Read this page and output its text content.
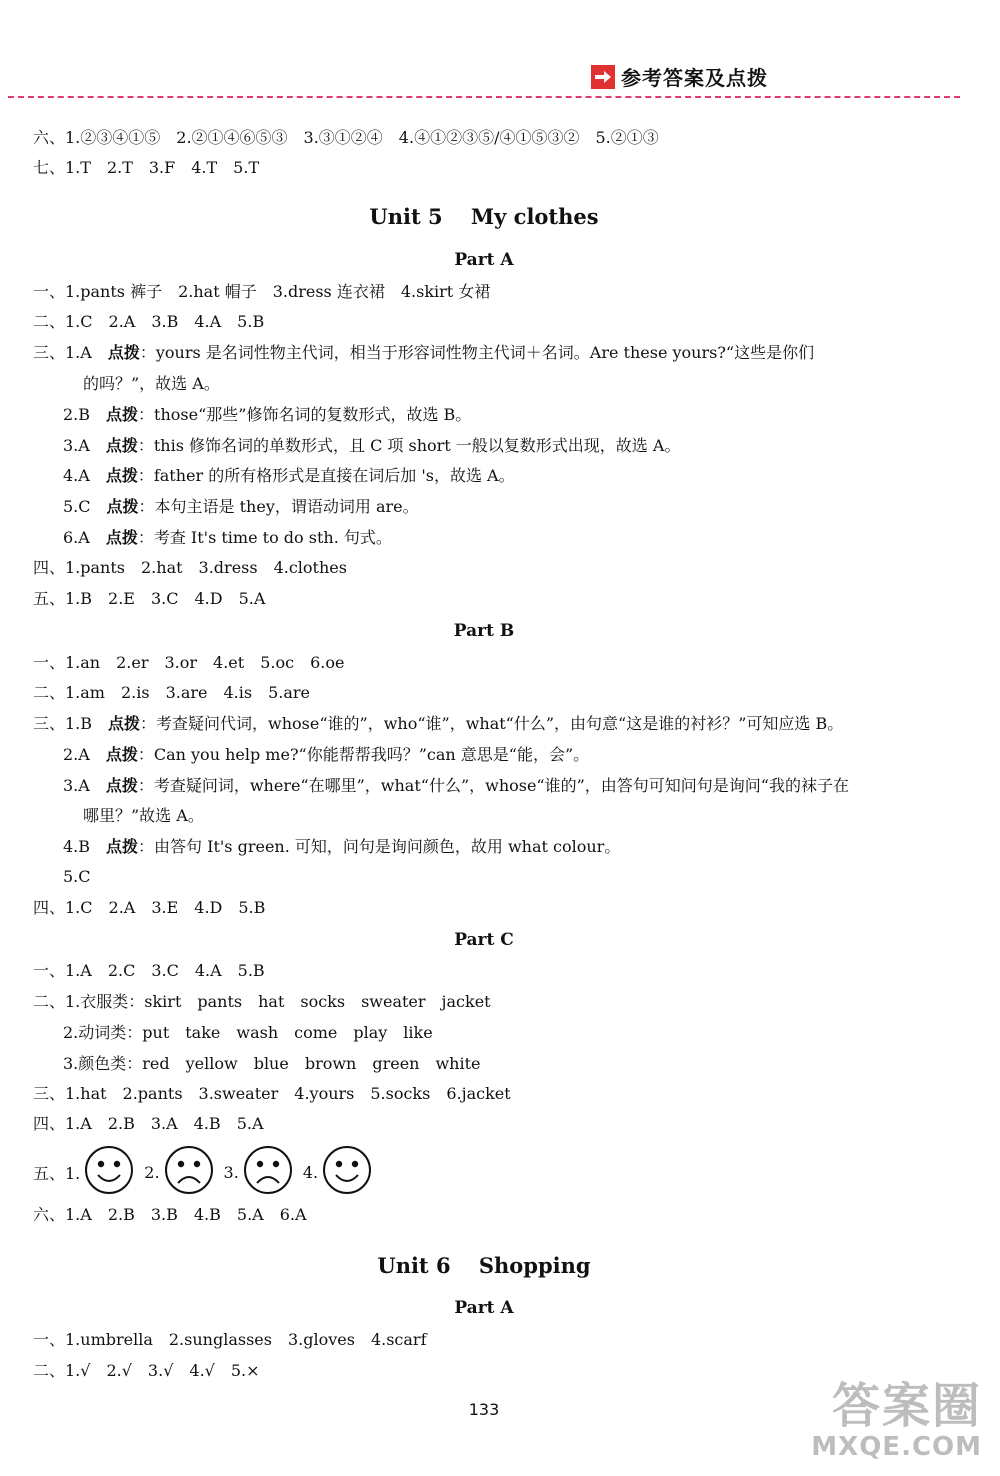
参考答案及点拨
六、1.②③④①⑤　2.②①④⑥⑤③　3.③①②④　4.④①②③⑤/④①⑤③②　5.②①③
七、1.T　2.T　3.F　4.T　5.T
Unit 5　 My clothes
Part A
一、1.pants 裤子　2.hat 帽子　3.dress 连衣裙　4.skirt 女裙
二、1.C　2.A　3.B　4.A　5.B
三、1.A　点拨：yours 是名词性物主代词，相当于形容词性物主代词＋名词。Are these yours?“这些是你们
的吗？”，故选 A。
2.B　点拨：those“那些”修饰名词的复数形式，故选 B。
3.A　点拨：this 修饰名词的单数形式，且 C 项 short 一般以复数形式出现，故选 A。
4.A　点拨：father 的所有格形式是直接在词后加 's，故选 A。
5.C　点拨：本句主语是 they，谓语动词用 are。
6.A　点拨：考查 It's time to do sth. 句式。
四、1.pants　2.hat　3.dress　4.clothes
五、1.B　2.E　3.C　4.D　5.A
Part B
一、1.an　2.er　3.or　4.et　5.oc　6.oe
二、1.am　2.is　3.are　4.is　5.are
三、1.B　点拨：考查疑问代词，whose“谁的”，who“谁”，what“什么”，由句意“这是谁的衬衫？”可知应选 B。
2.A　点拨：Can you help me?“你能帮帮我吗？”can 意思是“能，会”。
3.A　点拨：考查疑问词，where“在哪里”，what“什么”，whose“谁的”，由答句可知问句是询问“我的袜子在
哪里？”故选 A。
4.B　点拨：由答句 It's green. 可知，问句是询问颜色，故用 what colour。
5.C
四、1.C　2.A　3.E　4.D　5.B
Part C
一、1.A　2.C　3.C　4.A　5.B
二、1.衣服类：skirt　pants　hat　socks　sweater　jacket
2.动词类：put　take　wash　come　play　like
3.颜色类：red　yellow　blue　brown　green　white
三、1.hat　2.pants　3.sweater　4.yours　5.socks　6.jacket
四、1.A　2.B　3.A　4.B　5.A
五、1.	2.	3.	4.
六、1.A　2.B　3.B　4.B　5.A　6.A
Unit 6　 Shopping
Part A
一、1.umbrella　2.sunglasses　3.gloves　4.scarf
二、1.√　2.√　3.√　4.√　5.×
133	答案圈
MXQE.COM
